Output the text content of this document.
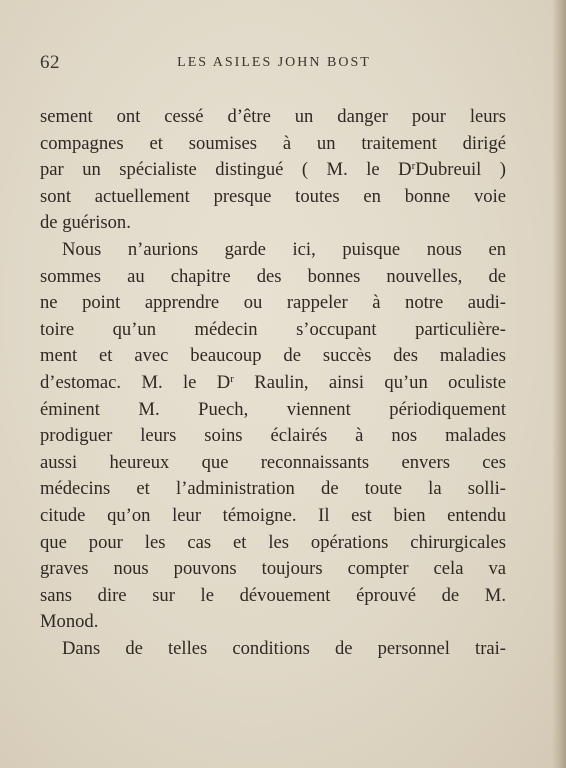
62	LES ASILES JOHN BOST
sement ont cessé d’être un danger pour leurs
compagnes et soumises à un traitement dirigé
par un spécialiste distingué ( M. le $D^rDubreuil$ )
sont actuellement presque toutes en bonne voie
de guérison.
Nous n’aurions garde ici, puisque nous en
sommes au chapitre des bonnes nouvelles, de
ne point apprendre ou rappeler à notre audi-
toire qu’un médecin s’occupant particulière-
ment et avec beaucoup de succès des maladies
d’estomac. M. le $D^r$ Raulin, ainsi qu’un oculiste
éminent M. Puech, viennent périodiquement
prodiguer leurs soins éclairés à nos malades
aussi heureux que reconnaissants envers ces
médecins et l’administration de toute la solli-
citude qu’on leur témoigne. Il est bien entendu
que pour les cas et les opérations chirurgicales
graves nous pouvons toujours compter cela va
sans dire sur le dévouement éprouvé de M.
Monod.
Dans de telles conditions de personnel trai-
